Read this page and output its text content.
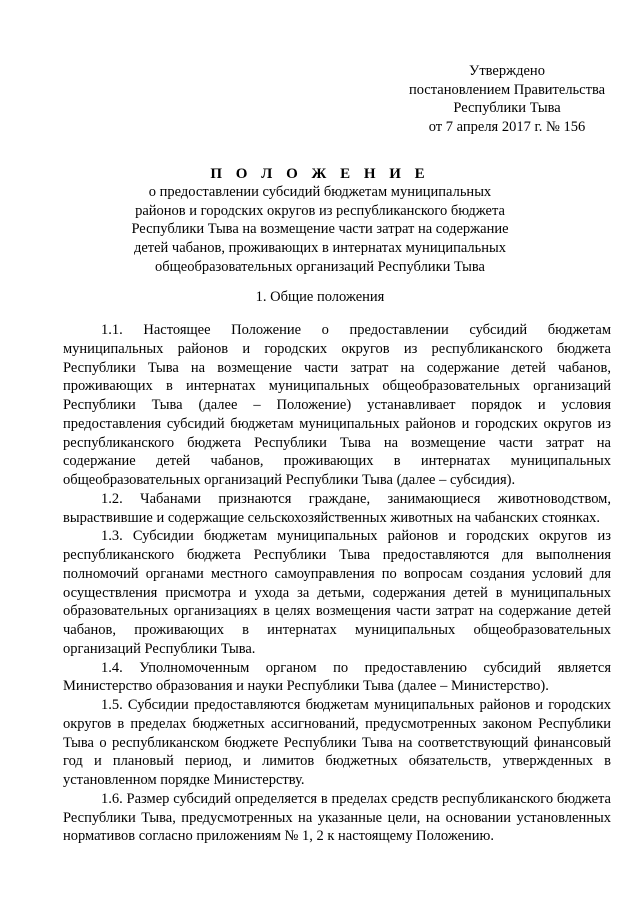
Утверждено
постановлением Правительства
Республики Тыва
от 7 апреля 2017 г. № 156
П О Л О Ж Е Н И Е
о предоставлении субсидий бюджетам муниципальных
районов и городских округов из республиканского бюджета
Республики Тыва на возмещение части затрат на содержание
детей чабанов, проживающих в интернатах муниципальных
общеобразовательных организаций Республики Тыва
1. Общие положения

1.1. Настоящее Положение о предоставлении субсидий бюджетам муниципальных районов и городских округов из республиканского бюджета Республики Тыва на возмещение части затрат на содержание детей чабанов, проживающих в интернатах муниципальных общеобразовательных организаций Республики Тыва (далее – Положение) устанавливает порядок и условия предоставления субсидий бюджетам муниципальных районов и городских округов из республиканского бюджета Республики Тыва на возмещение части затрат на содержание детей чабанов, проживающих в интернатах муниципальных общеобразовательных организаций Республики Тыва (далее – субсидия).

1.2. Чабанами признаются граждане, занимающиеся животноводством, выраствившие и содержащие сельскохозяйственных животных на чабанских стоянках.

1.3. Субсидии бюджетам муниципальных районов и городских округов из республиканского бюджета Республики Тыва предоставляются для выполнения полномочий органами местного самоуправления по вопросам создания условий для осуществления присмотра и ухода за детьми, содержания детей в муниципальных образовательных организациях в целях возмещения части затрат на содержание детей чабанов, проживающих в интернатах муниципальных общеобразовательных организаций Республики Тыва.

1.4. Уполномоченным органом по предоставлению субсидий является Министерство образования и науки Республики Тыва (далее – Министерство).

1.5. Субсидии предоставляются бюджетам муниципальных районов и городских округов в пределах бюджетных ассигнований, предусмотренных законом Республики Тыва о республиканском бюджете Республики Тыва на соответствующий финансовый год и плановый период, и лимитов бюджетных обязательств, утвержденных в установленном порядке Министерству.

1.6. Размер субсидий определяется в пределах средств республиканского бюджета Республики Тыва, предусмотренных на указанные цели, на основании установленных нормативов согласно приложениям № 1, 2 к настоящему Положению.
